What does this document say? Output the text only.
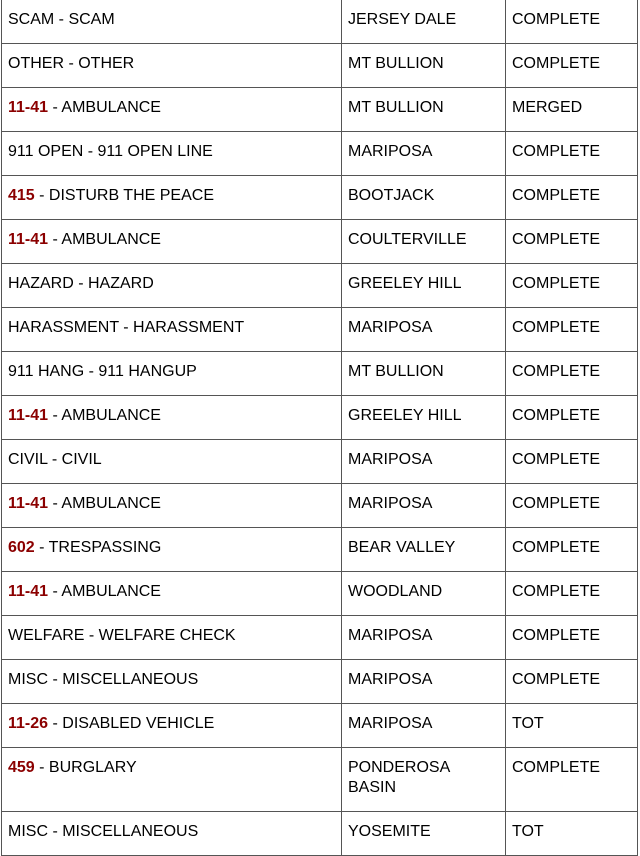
SCAM - SCAM	JERSEY DALE	COMPLETE
OTHER - OTHER	MT BULLION	COMPLETE
11-41 - AMBULANCE	MT BULLION	MERGED
911 OPEN - 911 OPEN LINE	MARIPOSA	COMPLETE
415 - DISTURB THE PEACE	BOOTJACK	COMPLETE
11-41 - AMBULANCE	COULTERVILLE	COMPLETE
HAZARD - HAZARD	GREELEY HILL	COMPLETE
HARASSMENT - HARASSMENT	MARIPOSA	COMPLETE
911 HANG - 911 HANGUP	MT BULLION	COMPLETE
11-41 - AMBULANCE	GREELEY HILL	COMPLETE
CIVIL - CIVIL	MARIPOSA	COMPLETE
11-41 - AMBULANCE	MARIPOSA	COMPLETE
602 - TRESPASSING	BEAR VALLEY	COMPLETE
11-41 - AMBULANCE	WOODLAND	COMPLETE
WELFARE - WELFARE CHECK	MARIPOSA	COMPLETE
MISC - MISCELLANEOUS	MARIPOSA	COMPLETE
11-26 - DISABLED VEHICLE	MARIPOSA	TOT
459 - BURGLARY	PONDEROSA BASIN	COMPLETE
MISC - MISCELLANEOUS	YOSEMITE	TOT
